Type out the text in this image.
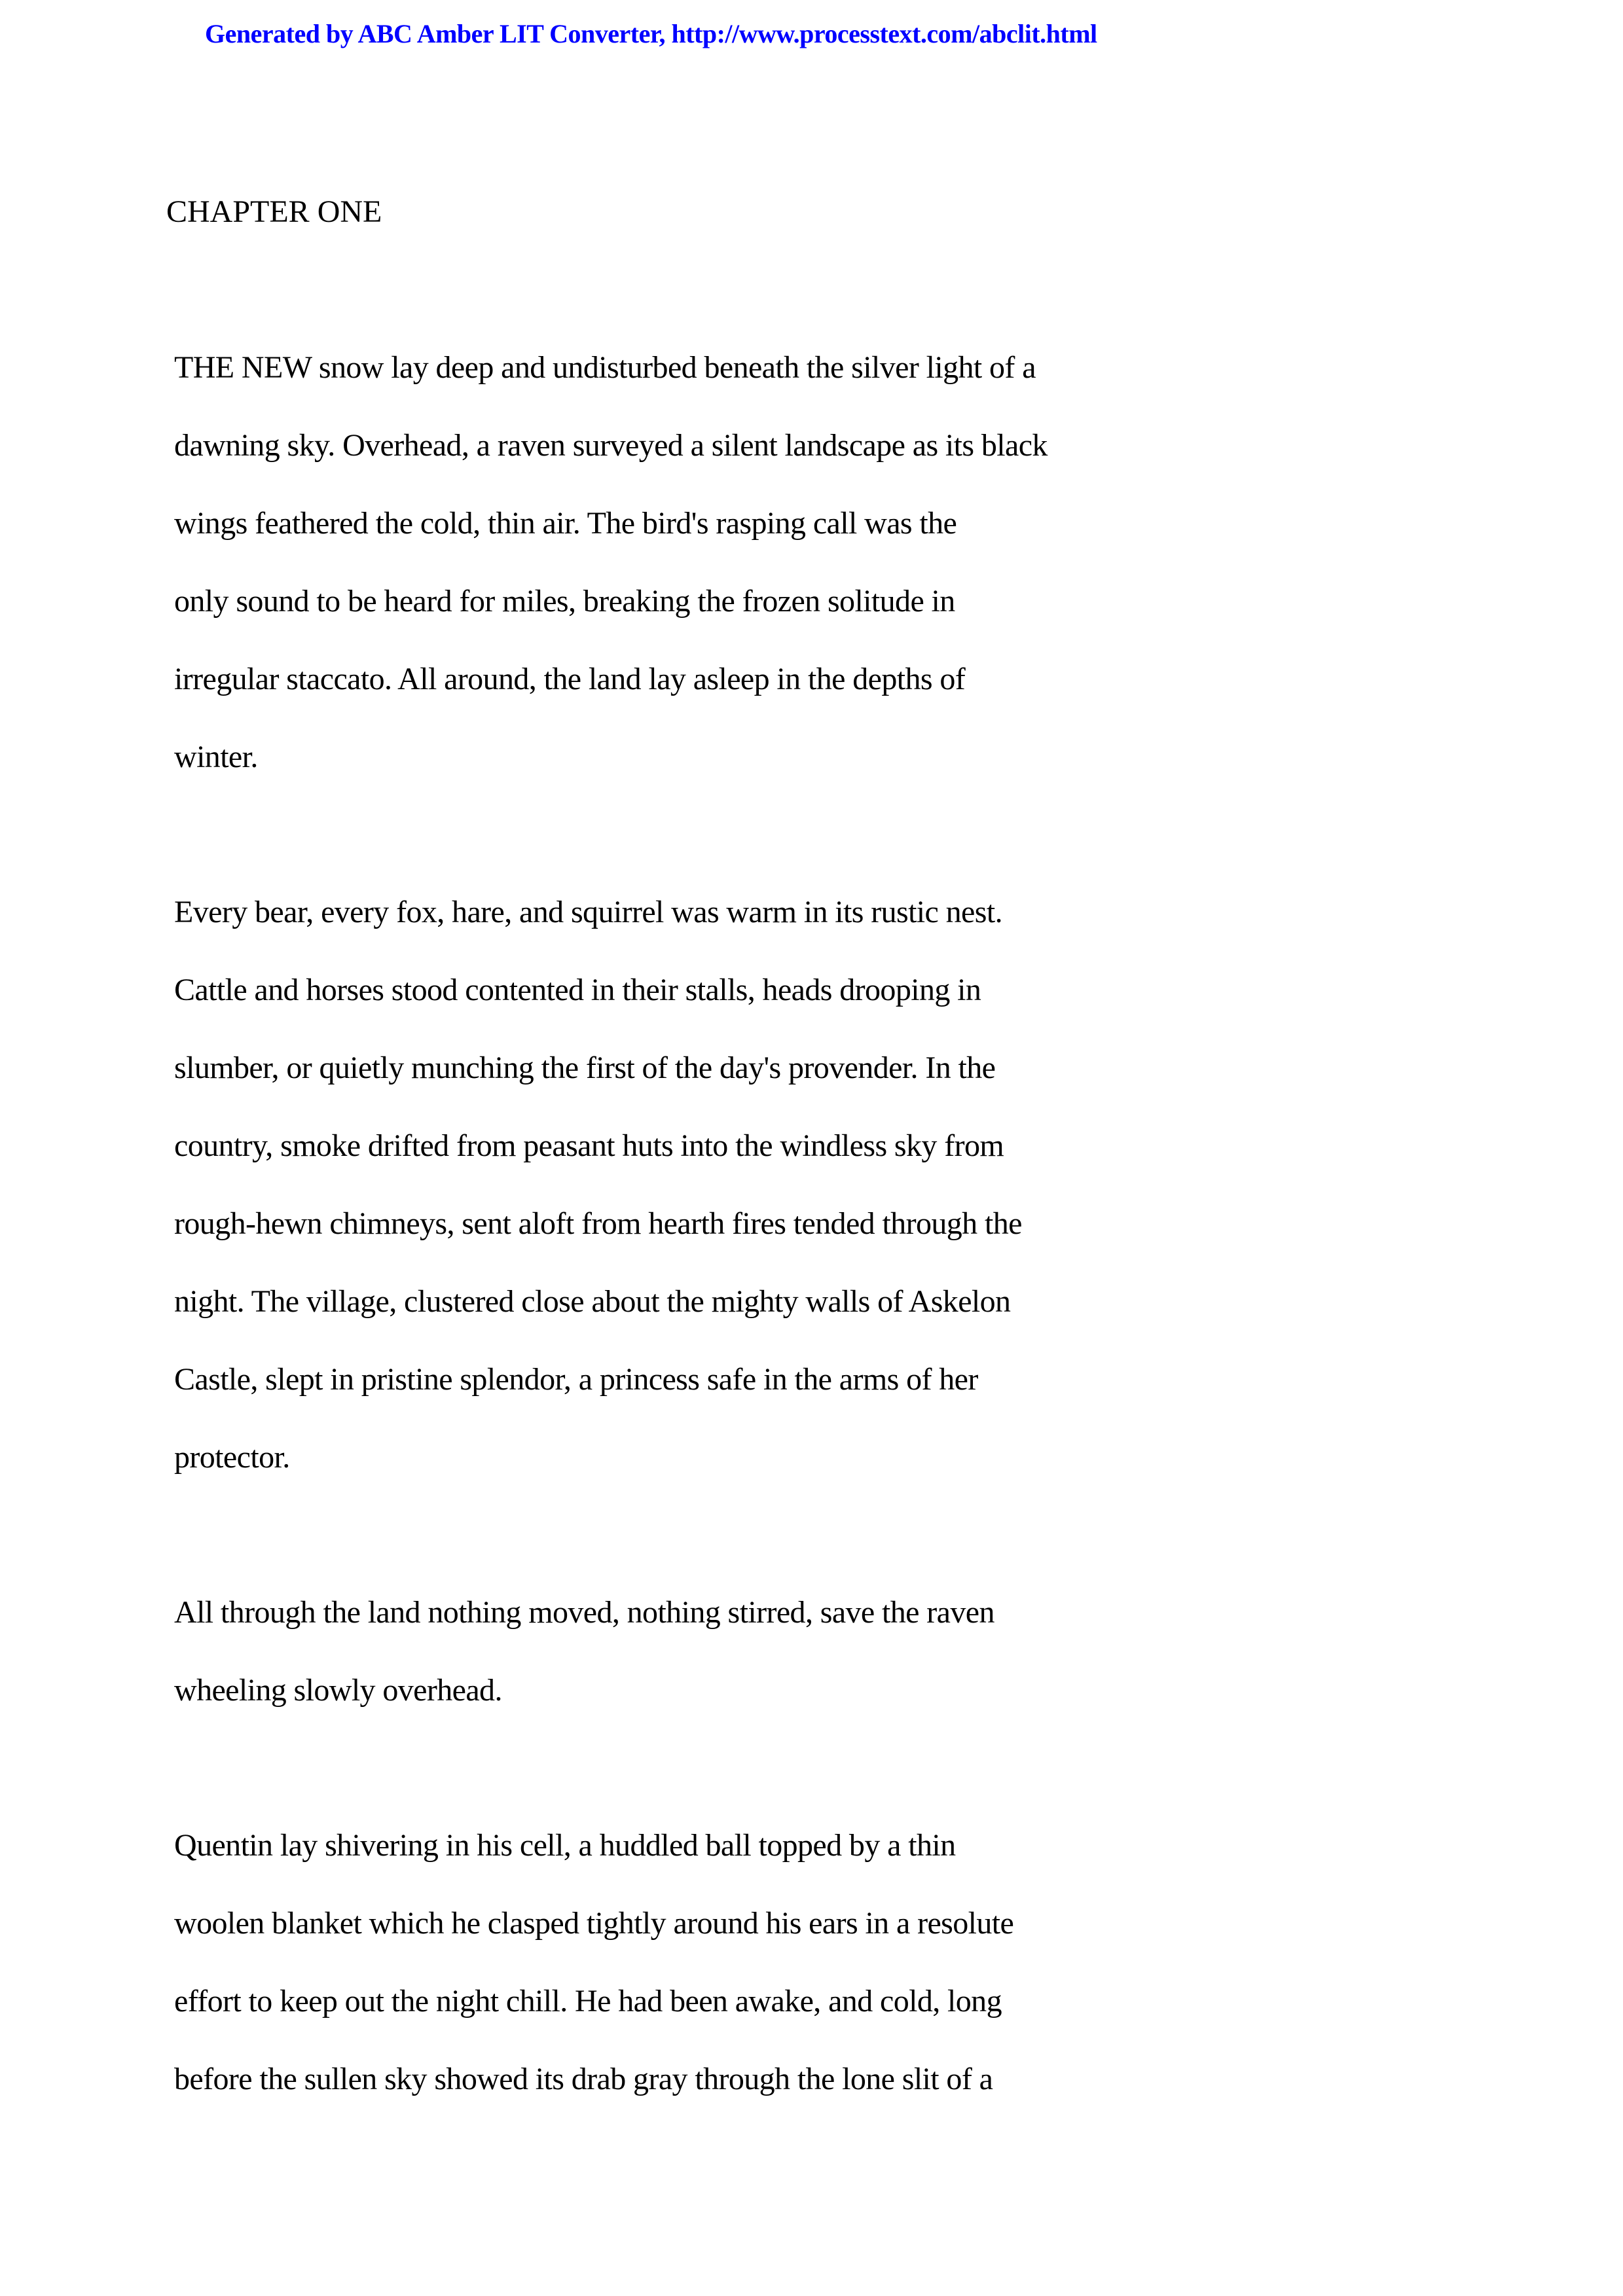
Generated by ABC Amber LIT Converter, http://www.processtext.com/abclit.html
CHAPTER ONE
THE NEW snow lay deep and undisturbed beneath the silver light of a
dawning sky. Overhead, a raven surveyed a silent landscape as its black
wings feathered the cold, thin air. The bird's rasping call was the
only sound to be heard for miles, breaking the frozen solitude in
irregular staccato. All around, the land lay asleep in the depths of
winter.
Every bear, every fox, hare, and squirrel was warm in its rustic nest.
Cattle and horses stood contented in their stalls, heads drooping in
slumber, or quietly munching the first of the day's provender. In the
country, smoke drifted from peasant huts into the windless sky from
rough-hewn chimneys, sent aloft from hearth fires tended through the
night. The village, clustered close about the mighty walls of Askelon
Castle, slept in pristine splendor, a princess safe in the arms of her
protector.
All through the land nothing moved, nothing stirred, save the raven
wheeling slowly overhead.
Quentin lay shivering in his cell, a huddled ball topped by a thin
woolen blanket which he clasped tightly around his ears in a resolute
effort to keep out the night chill. He had been awake, and cold, long
before the sullen sky showed its drab gray through the lone slit of a
